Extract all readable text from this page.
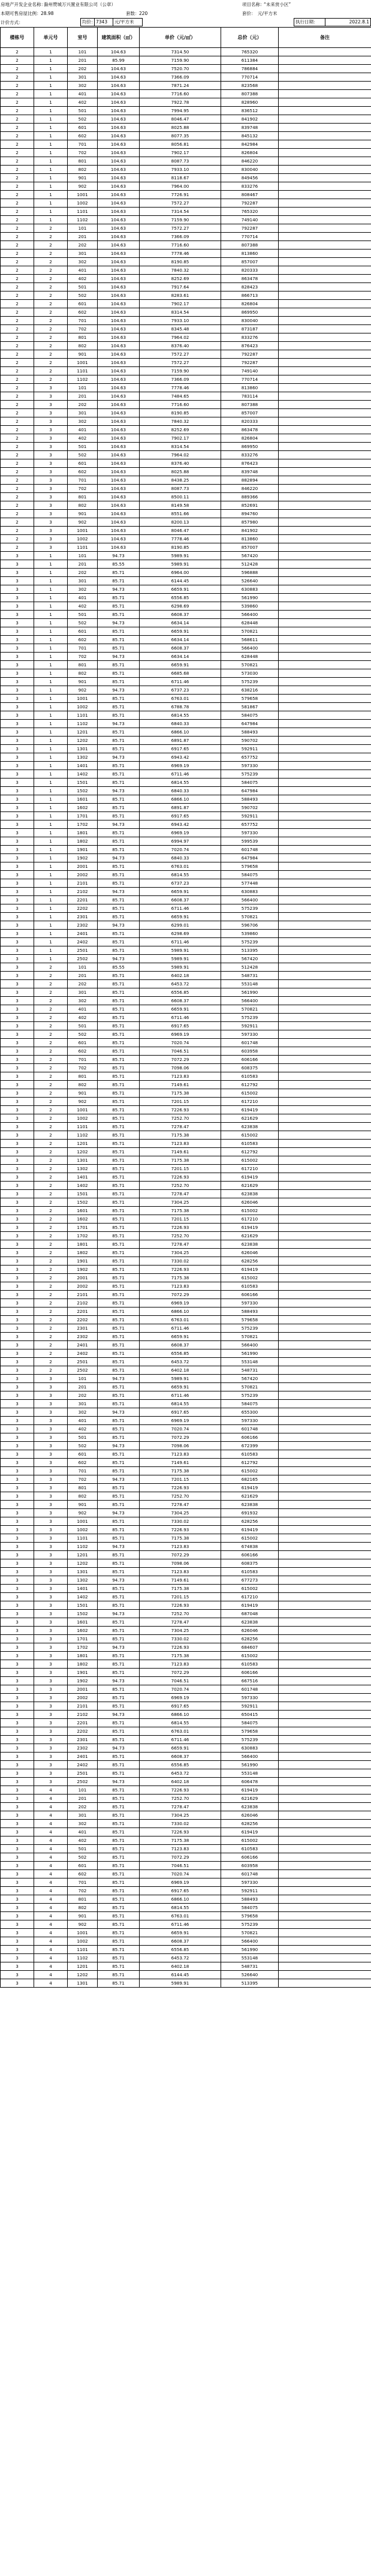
房地产开发企业名称：
滁州赞城万兴置业有限公司（公章）	项目名称：
“未来赏小区”
本期可售房屋比例： 28.98	套数： 220	套价： 元/平方米
计价方式：	均价： 7343	元/平方米	执行日期：	2022.8.1
楼栋号	单元号	室号	建筑面积（㎡）	单价（元/㎡）	总价（元）	备注
2	1	101	104.63	7314.50	765320	
2	1	201	85.99	7159.90	611384	
2	1	202	104.63	7520.70	786884	
2	1	301	104.63	7366.09	770714	
2	1	302	104.63	7871.24	823568	
2	1	401	104.63	7716.60	807388	
2	1	402	104.63	7922.78	828960	
2	1	501	104.63	7994.95	836512	
2	1	502	104.63	8046.47	841902	
2	1	601	104.63	8025.88	839748	
2	1	602	104.63	8077.35	845132	
2	1	701	104.63	8056.81	842984	
2	1	702	104.63	7902.17	826804	
2	1	801	104.63	8087.73	846220	
2	1	802	104.63	7933.10	830040	
2	1	901	104.63	8118.67	849456	
2	1	902	104.63	7964.00	833276	
2	1	1001	104.63	7726.91	808467	
2	1	1002	104.63	7572.27	792287	
2	1	1101	104.63	7314.54	765320	
2	1	1102	104.63	7159.90	749140	
2	2	101	104.63	7572.27	792287	
2	2	201	104.63	7366.09	770714	
2	2	202	104.63	7716.60	807388	
2	2	301	104.63	7778.46	813860	
2	2	302	104.63	8190.85	857007	
2	2	401	104.63	7840.32	820333	
2	2	402	104.63	8252.69	863478	
2	2	501	104.63	7917.64	828423	
2	2	502	104.63	8283.61	866713	
2	2	601	104.63	7902.17	826804	
2	2	602	104.63	8314.54	869950	
2	2	701	104.63	7933.10	830040	
2	2	702	104.63	8345.48	873187	
2	2	801	104.63	7964.02	833276	
2	2	802	104.63	8376.40	876423	
2	2	901	104.63	7572.27	792287	
2	2	1001	104.63	7572.27	792287	
2	2	1101	104.63	7159.90	749140	
2	2	1102	104.63	7366.09	770714	
2	3	101	104.63	7778.46	813860	
2	3	201	104.63	7484.65	783114	
2	3	202	104.63	7716.60	807388	
2	3	301	104.63	8190.85	857007	
2	3	302	104.63	7840.32	820333	
2	3	401	104.63	8252.69	863478	
2	3	402	104.63	7902.17	826804	
2	3	501	104.63	8314.54	869950	
2	3	502	104.63	7964.02	833276	
2	3	601	104.63	8376.40	876423	
2	3	602	104.63	8025.88	839748	
2	3	701	104.63	8438.25	882894	
2	3	702	104.63	8087.73	846220	
2	3	801	104.63	8500.11	889366	
2	3	802	104.63	8149.58	852691	
2	3	901	104.63	8551.66	894760	
2	3	902	104.63	8200.13	857980	
2	3	1001	104.63	8046.47	841902	
2	3	1002	104.63	7778.46	813860	
2	3	1101	104.63	8190.85	857007	
3	1	101	94.73	5989.91	567420	
3	1	201	85.55	5989.91	512428	
3	1	202	85.71	6964.00	596888	
3	1	301	85.71	6144.45	526640	
3	1	302	94.73	6659.91	630883	
3	1	401	85.71	6556.85	561990	
3	1	402	85.71	6298.69	539860	
3	1	501	85.71	6608.37	566400	
3	1	502	94.73	6634.14	628448	
3	1	601	85.71	6659.91	570821	
3	1	602	85.71	6634.14	568611	
3	1	701	85.71	6608.37	566400	
3	1	702	94.73	6634.14	628448	
3	1	801	85.71	6659.91	570821	
3	1	802	85.71	6685.68	573030	
3	1	901	85.71	6711.46	575239	
3	1	902	94.73	6737.23	638216	
3	1	1001	85.71	6763.01	579658	
3	1	1002	85.71	6788.78	581867	
3	1	1101	85.71	6814.55	584075	
3	1	1102	94.73	6840.33	647984	
3	1	1201	85.71	6866.10	588493	
3	1	1202	85.71	6891.87	590702	
3	1	1301	85.71	6917.65	592911	
3	1	1302	94.73	6943.42	657752	
3	1	1401	85.71	6969.19	597330	
3	1	1402	85.71	6711.46	575239	
3	1	1501	85.71	6814.55	584075	
3	1	1502	94.73	6840.33	647984	
3	1	1601	85.71	6866.10	588493	
3	1	1602	85.71	6891.87	590702	
3	1	1701	85.71	6917.65	592911	
3	1	1702	94.73	6943.42	657752	
3	1	1801	85.71	6969.19	597330	
3	1	1802	85.71	6994.97	599539	
3	1	1901	85.71	7020.74	601748	
3	1	1902	94.73	6840.33	647984	
3	1	2001	85.71	6763.01	579658	
3	1	2002	85.71	6814.55	584075	
3	1	2101	85.71	6737.23	577448	
3	1	2102	94.73	6659.91	630883	
3	1	2201	85.71	6608.37	566400	
3	1	2202	85.71	6711.46	575239	
3	1	2301	85.71	6659.91	570821	
3	1	2302	94.73	6299.01	596706	
3	1	2401	85.71	6298.69	539860	
3	1	2402	85.71	6711.46	575239	
3	1	2501	85.71	5989.91	513395	
3	1	2502	94.73	5989.91	567420	
3	2	101	85.55	5989.91	512428	
3	2	201	85.71	6402.18	548731	
3	2	202	85.71	6453.72	553148	
3	2	301	85.71	6556.85	561990	
3	2	302	85.71	6608.37	566400	
3	2	401	85.71	6659.91	570821	
3	2	402	85.71	6711.46	575239	
3	2	501	85.71	6917.65	592911	
3	2	502	85.71	6969.19	597330	
3	2	601	85.71	7020.74	601748	
3	2	602	85.71	7046.51	603958	
3	2	701	85.71	7072.29	606166	
3	2	702	85.71	7098.06	608375	
3	2	801	85.71	7123.83	610583	
3	2	802	85.71	7149.61	612792	
3	2	901	85.71	7175.38	615002	
3	2	902	85.71	7201.15	617210	
3	2	1001	85.71	7226.93	619419	
3	2	1002	85.71	7252.70	621629	
3	2	1101	85.71	7278.47	623838	
3	2	1102	85.71	7175.38	615002	
3	2	1201	85.71	7123.83	610583	
3	2	1202	85.71	7149.61	612792	
3	2	1301	85.71	7175.38	615002	
3	2	1302	85.71	7201.15	617210	
3	2	1401	85.71	7226.93	619419	
3	2	1402	85.71	7252.70	621629	
3	2	1501	85.71	7278.47	623838	
3	2	1502	85.71	7304.25	626046	
3	2	1601	85.71	7175.38	615002	
3	2	1602	85.71	7201.15	617210	
3	2	1701	85.71	7226.93	619419	
3	2	1702	85.71	7252.70	621629	
3	2	1801	85.71	7278.47	623838	
3	2	1802	85.71	7304.25	626046	
3	2	1901	85.71	7330.02	628256	
3	2	1902	85.71	7226.93	619419	
3	2	2001	85.71	7175.38	615002	
3	2	2002	85.71	7123.83	610583	
3	2	2101	85.71	7072.29	606166	
3	2	2102	85.71	6969.19	597330	
3	2	2201	85.71	6866.10	588493	
3	2	2202	85.71	6763.01	579658	
3	2	2301	85.71	6711.46	575239	
3	2	2302	85.71	6659.91	570821	
3	2	2401	85.71	6608.37	566400	
3	2	2402	85.71	6556.85	561990	
3	2	2501	85.71	6453.72	553148	
3	2	2502	85.71	6402.18	548731	
3	3	101	94.73	5989.91	567420	
3	3	201	85.71	6659.91	570821	
3	3	202	85.71	6711.46	575239	
3	3	301	85.71	6814.55	584075	
3	3	302	94.73	6917.65	655300	
3	3	401	85.71	6969.19	597330	
3	3	402	85.71	7020.74	601748	
3	3	501	85.71	7072.29	606166	
3	3	502	94.73	7098.06	672399	
3	3	601	85.71	7123.83	610583	
3	3	602	85.71	7149.61	612792	
3	3	701	85.71	7175.38	615002	
3	3	702	94.73	7201.15	682165	
3	3	801	85.71	7226.93	619419	
3	3	802	85.71	7252.70	621629	
3	3	901	85.71	7278.47	623838	
3	3	902	94.73	7304.25	691932	
3	3	1001	85.71	7330.02	628256	
3	3	1002	85.71	7226.93	619419	
3	3	1101	85.71	7175.38	615002	
3	3	1102	94.73	7123.83	674838	
3	3	1201	85.71	7072.29	606166	
3	3	1202	85.71	7098.06	608375	
3	3	1301	85.71	7123.83	610583	
3	3	1302	94.73	7149.61	677273	
3	3	1401	85.71	7175.38	615002	
3	3	1402	85.71	7201.15	617210	
3	3	1501	85.71	7226.93	619419	
3	3	1502	94.73	7252.70	687048	
3	3	1601	85.71	7278.47	623838	
3	3	1602	85.71	7304.25	626046	
3	3	1701	85.71	7330.02	628256	
3	3	1702	94.73	7226.93	684607	
3	3	1801	85.71	7175.38	615002	
3	3	1802	85.71	7123.83	610583	
3	3	1901	85.71	7072.29	606166	
3	3	1902	94.73	7046.51	667516	
3	3	2001	85.71	7020.74	601748	
3	3	2002	85.71	6969.19	597330	
3	3	2101	85.71	6917.65	592911	
3	3	2102	94.73	6866.10	650415	
3	3	2201	85.71	6814.55	584075	
3	3	2202	85.71	6763.01	579658	
3	3	2301	85.71	6711.46	575239	
3	3	2302	94.73	6659.91	630883	
3	3	2401	85.71	6608.37	566400	
3	3	2402	85.71	6556.85	561990	
3	3	2501	85.71	6453.72	553148	
3	3	2502	94.73	6402.18	606478	
3	4	101	85.71	7226.93	619419	
3	4	201	85.71	7252.70	621629	
3	4	202	85.71	7278.47	623838	
3	4	301	85.71	7304.25	626046	
3	4	302	85.71	7330.02	628256	
3	4	401	85.71	7226.93	619419	
3	4	402	85.71	7175.38	615002	
3	4	501	85.71	7123.83	610583	
3	4	502	85.71	7072.29	606166	
3	4	601	85.71	7046.51	603958	
3	4	602	85.71	7020.74	601748	
3	4	701	85.71	6969.19	597330	
3	4	702	85.71	6917.65	592911	
3	4	801	85.71	6866.10	588493	
3	4	802	85.71	6814.55	584075	
3	4	901	85.71	6763.01	579658	
3	4	902	85.71	6711.46	575239	
3	4	1001	85.71	6659.91	570821	
3	4	1002	85.71	6608.37	566400	
3	4	1101	85.71	6556.85	561990	
3	4	1102	85.71	6453.72	553148	
3	4	1201	85.71	6402.18	548731	
3	4	1202	85.71	6144.45	526640	
3	4	1301	85.71	5989.91	513395	
